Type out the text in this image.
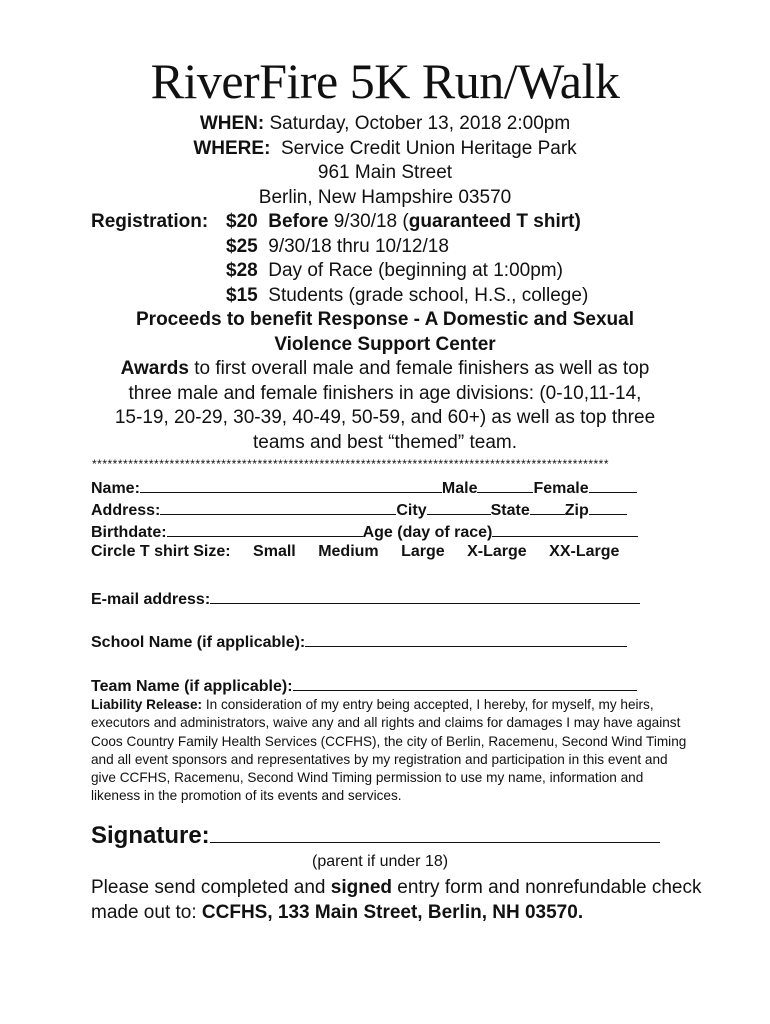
RiverFire 5K Run/Walk
WHEN: Saturday, October 13, 2018 2:00pm
WHERE: Service Credit Union Heritage Park
961 Main Street
Berlin, New Hampshire 03570
Registration: $20 Before 9/30/18 (guaranteed T shirt)
$25 9/30/18 thru 10/12/18
$28 Day of Race (beginning at 1:00pm)
$15 Students (grade school, H.S., college)
Proceeds to benefit Response - A Domestic and Sexual
Violence Support Center
Awards to first overall male and female finishers as well as top
three male and female finishers in age divisions: (0-10,11-14,
15-19, 20-29, 30-39, 40-49, 50-59, and 60+) as well as top three
teams and best “themed” team.
****************************************************************************************************
Name:	Male	Female
Address:	City	State Zip
Birthdate:	Age (day of race)
Circle T shirt Size: Small Medium Large X-Large XX-Large
E-mail address:
School Name (if applicable):
Team Name (if applicable):
Liability Release: In consideration of my entry being accepted, I hereby, for myself, my heirs, executors and administrators, waive any and all rights and claims for damages I may have against Coos Country Family Health Services (CCFHS), the city of Berlin, Racemenu, Second Wind Timing and all event sponsors and representatives by my registration and participation in this event and give CCFHS, Racemenu, Second Wind Timing permission to use my name, information and likeness in the promotion of its events and services.
Signature:
(parent if under 18)
Please send completed and signed entry form and nonrefundable check made out to: CCFHS, 133 Main Street, Berlin, NH 03570.
